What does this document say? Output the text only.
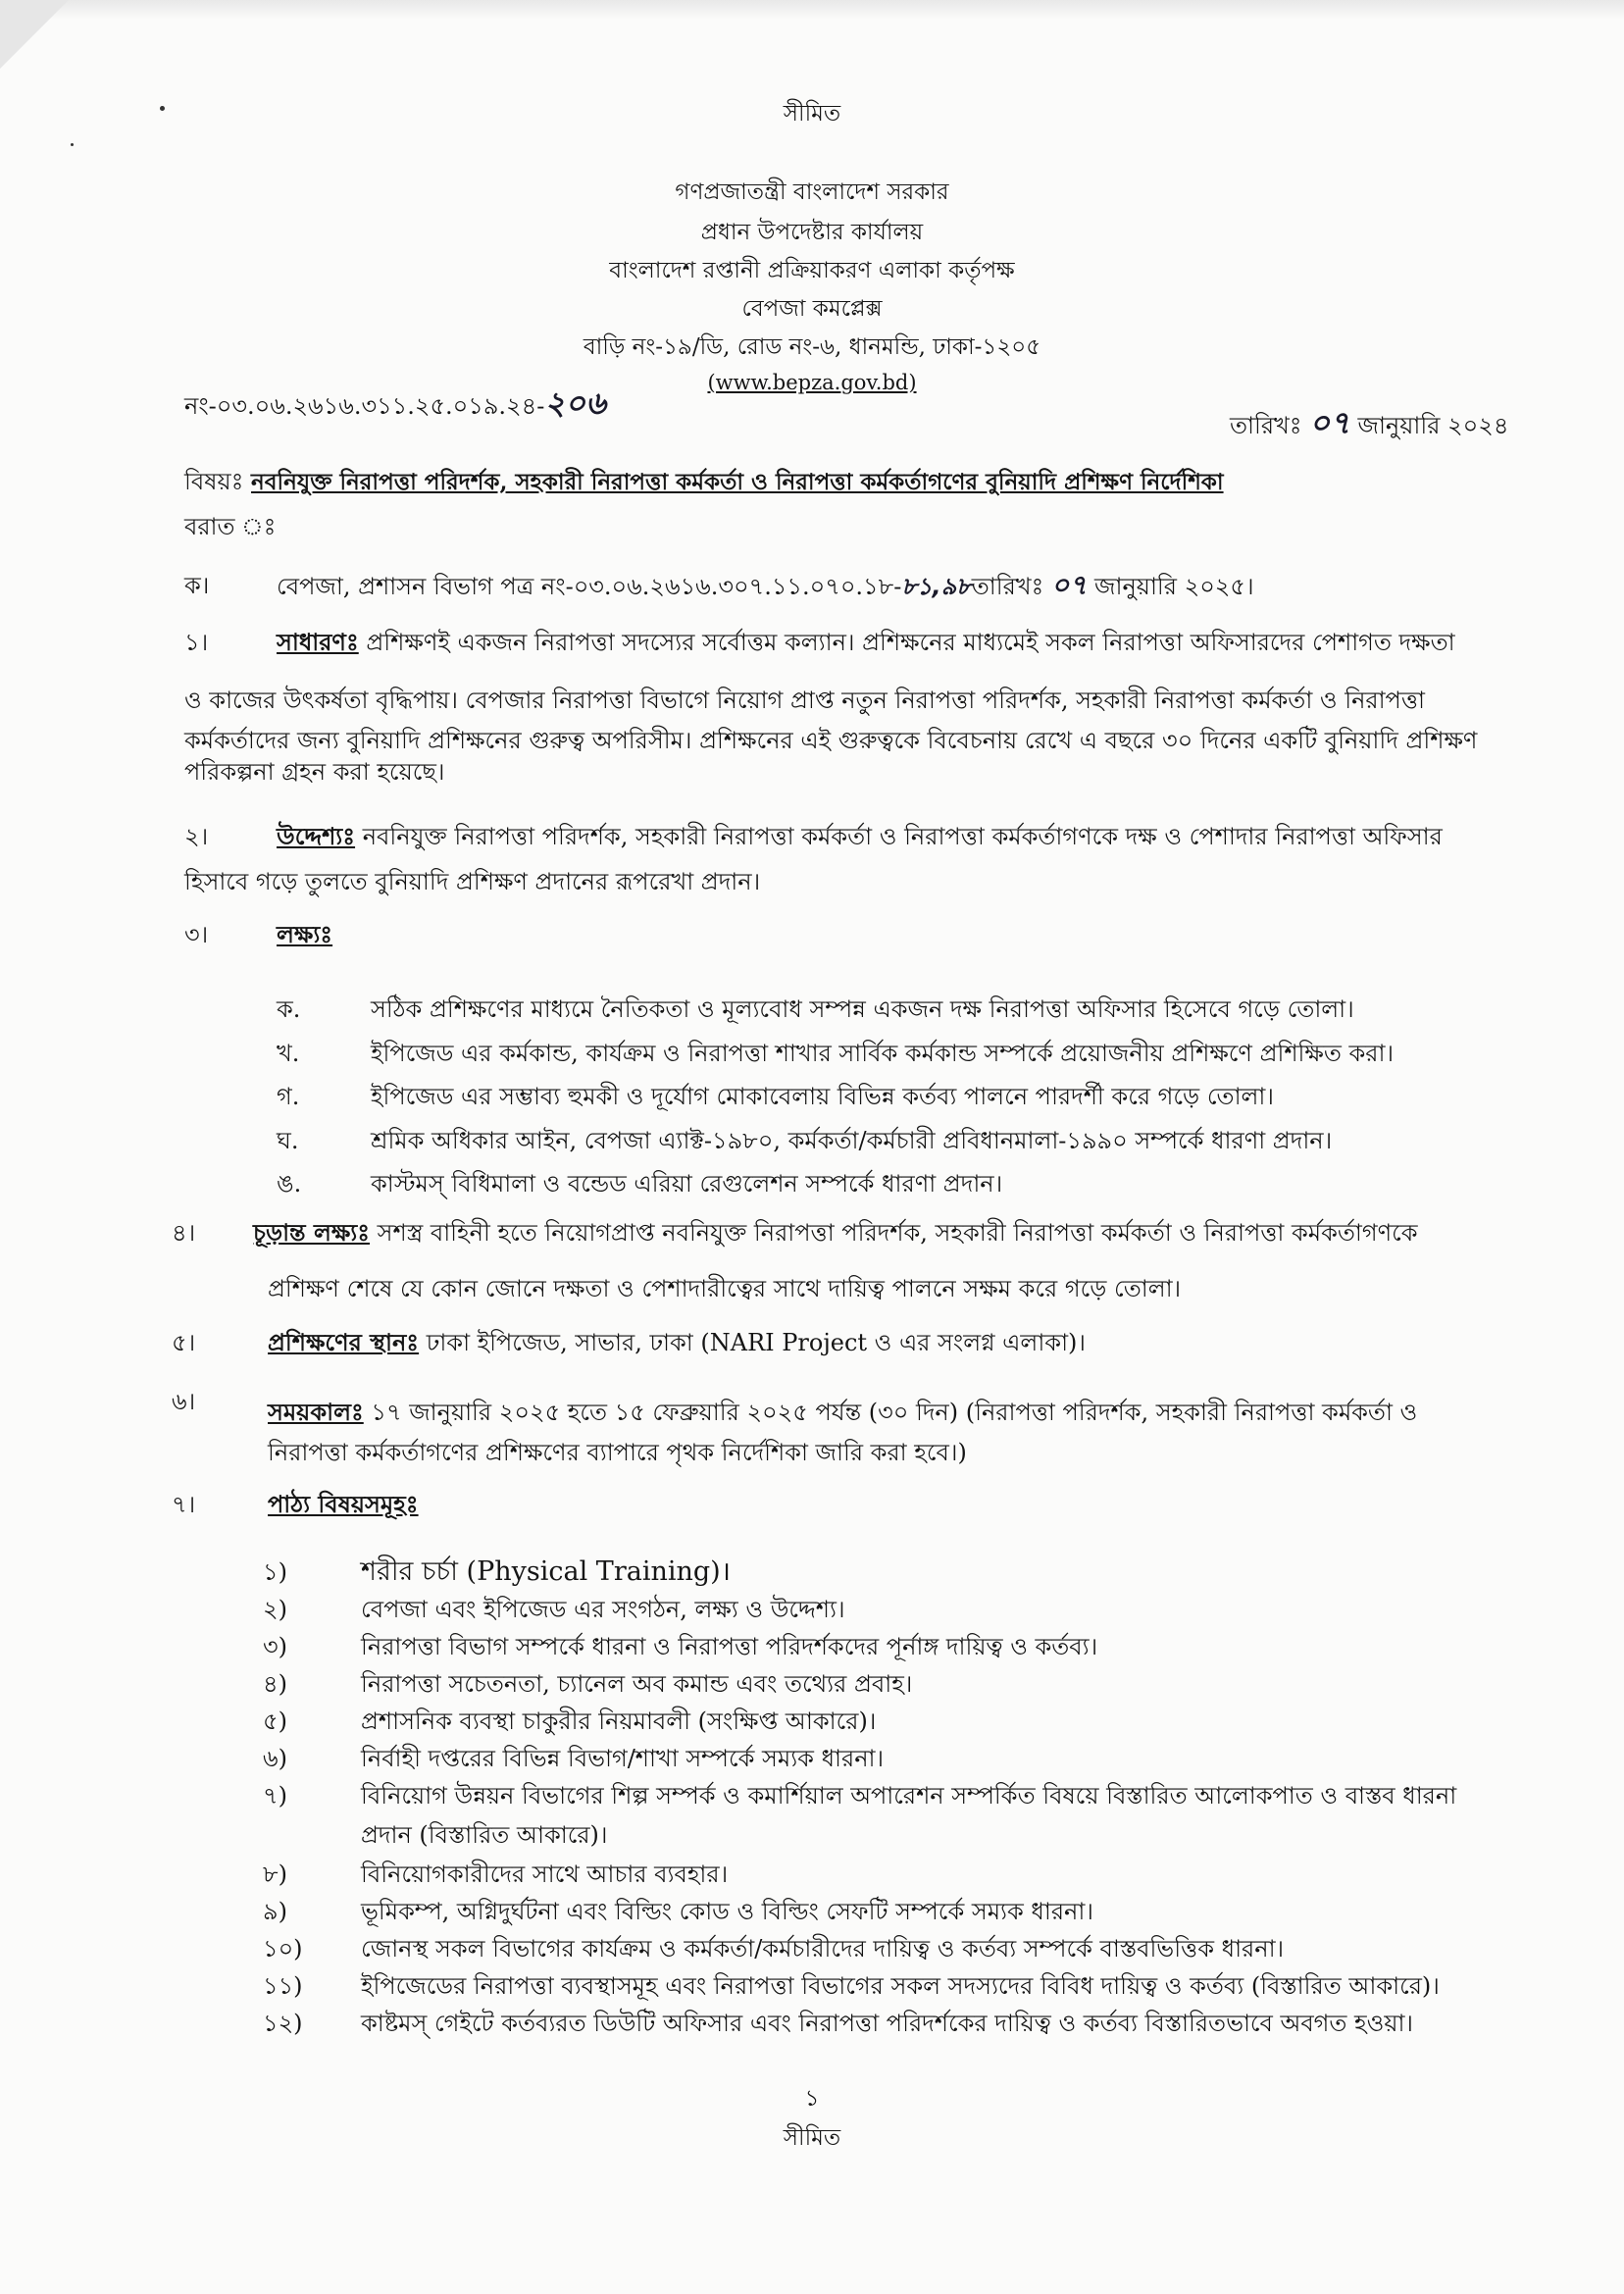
সীমিত
গণপ্রজাতন্ত্রী বাংলাদেশ সরকার
প্রধান উপদেষ্টার কার্যালয়
বাংলাদেশ রপ্তানী প্রক্রিয়াকরণ এলাকা কর্তৃপক্ষ
বেপজা কমপ্লেক্স
বাড়ি নং-১৯/ডি, রোড নং-৬, ধানমন্ডি, ঢাকা-১২০৫
(www.bepza.gov.bd)
নং-০৩.০৬.২৬১৬.৩১১.২৫.০১৯.২৪-২০৬
তারিখঃ ০৭ জানুয়ারি ২০২৪
বিষয়ঃ নবনিযুক্ত নিরাপত্তা পরিদর্শক, সহকারী নিরাপত্তা কর্মকর্তা ও নিরাপত্তা কর্মকর্তাগণের বুনিয়াদি প্রশিক্ষণ নির্দেশিকা
বরাত ঃ
ক।	বেপজা, প্রশাসন বিভাগ পত্র নং-০৩.০৬.২৬১৬.৩০৭.১১.০৭০.১৮-৮১,৯৮তারিখঃ ০৭ জানুয়ারি ২০২৫।
১।	সাধারণঃ প্রশিক্ষণই একজন নিরাপত্তা সদস্যের সর্বোত্তম কল্যান। প্রশিক্ষনের মাধ্যমেই সকল নিরাপত্তা অফিসারদের পেশাগত দক্ষতা
ও কাজের উৎকর্ষতা বৃদ্ধিপায়। বেপজার নিরাপত্তা বিভাগে নিয়োগ প্রাপ্ত নতুন নিরাপত্তা পরিদর্শক, সহকারী নিরাপত্তা কর্মকর্তা ও নিরাপত্তা
কর্মকর্তাদের জন্য বুনিয়াদি প্রশিক্ষনের গুরুত্ব অপরিসীম। প্রশিক্ষনের এই গুরুত্বকে বিবেচনায় রেখে এ বছরে ৩০ দিনের একটি বুনিয়াদি প্রশিক্ষণ
পরিকল্পনা গ্রহন করা হয়েছে।
২।	উদ্দেশ্যঃ নবনিযুক্ত নিরাপত্তা পরিদর্শক, সহকারী নিরাপত্তা কর্মকর্তা ও নিরাপত্তা কর্মকর্তাগণকে দক্ষ ও পেশাদার নিরাপত্তা অফিসার
হিসাবে গড়ে তুলতে বুনিয়াদি প্রশিক্ষণ প্রদানের রূপরেখা প্রদান।
৩।	লক্ষ্যঃ
ক.	সঠিক প্রশিক্ষণের মাধ্যমে নৈতিকতা ও মূল্যবোধ সম্পন্ন একজন দক্ষ নিরাপত্তা অফিসার হিসেবে গড়ে তোলা।
খ.	ইপিজেড এর কর্মকান্ড, কার্যক্রম ও নিরাপত্তা শাখার সার্বিক কর্মকান্ড সম্পর্কে প্রয়োজনীয় প্রশিক্ষণে প্রশিক্ষিত করা।
গ.	ইপিজেড এর সম্ভাব্য হুমকী ও দূর্যোগ মোকাবেলায় বিভিন্ন কর্তব্য পালনে পারদর্শী করে গড়ে তোলা।
ঘ.	শ্রমিক অধিকার আইন, বেপজা এ্যাক্ট-১৯৮০, কর্মকর্তা/কর্মচারী প্রবিধানমালা-১৯৯০ সম্পর্কে ধারণা প্রদান।
ঙ.	কাস্টমস্ বিধিমালা ও বন্ডেড এরিয়া রেগুলেশন সম্পর্কে ধারণা প্রদান।
৪। চূড়ান্ত লক্ষ্যঃ সশস্ত্র বাহিনী হতে নিয়োগপ্রাপ্ত নবনিযুক্ত নিরাপত্তা পরিদর্শক, সহকারী নিরাপত্তা কর্মকর্তা ও নিরাপত্তা কর্মকর্তাগণকে
প্রশিক্ষণ শেষে যে কোন জোনে দক্ষতা ও পেশাদারীত্বের সাথে দায়িত্ব পালনে সক্ষম করে গড়ে তোলা।
৫।	প্রশিক্ষণের স্থানঃ ঢাকা ইপিজেড, সাভার, ঢাকা (NARI Project ও এর সংলগ্ন এলাকা)।
৬।	সময়কালঃ ১৭ জানুয়ারি ২০২৫ হতে ১৫ ফেব্রুয়ারি ২০২৫ পর্যন্ত (৩০ দিন) (নিরাপত্তা পরিদর্শক, সহকারী নিরাপত্তা কর্মকর্তা ও
নিরাপত্তা কর্মকর্তাগণের প্রশিক্ষণের ব্যাপারে পৃথক নির্দেশিকা জারি করা হবে।)
৭।	পাঠ্য বিষয়সমূহঃ
১)	শরীর চর্চা (Physical Training)।
২)	বেপজা এবং ইপিজেড এর সংগঠন, লক্ষ্য ও উদ্দেশ্য।
৩)	নিরাপত্তা বিভাগ সম্পর্কে ধারনা ও নিরাপত্তা পরিদর্শকদের পূর্নাঙ্গ দায়িত্ব ও কর্তব্য।
৪)	নিরাপত্তা সচেতনতা, চ্যানেল অব কমান্ড এবং তথ্যের প্রবাহ।
৫)	প্রশাসনিক ব্যবস্থা চাকুরীর নিয়মাবলী (সংক্ষিপ্ত আকারে)।
৬)	নির্বাহী দপ্তরের বিভিন্ন বিভাগ/শাখা সম্পর্কে সম্যক ধারনা।
৭)	বিনিয়োগ উন্নয়ন বিভাগের শিল্প সম্পর্ক ও কমার্শিয়াল অপারেশন সম্পর্কিত বিষয়ে বিস্তারিত আলোকপাত ও বাস্তব ধারনা
প্রদান (বিস্তারিত আকারে)।
৮)	বিনিয়োগকারীদের সাথে আচার ব্যবহার।
৯)	ভূমিকম্প, অগ্নিদুর্ঘটনা এবং বিল্ডিং কোড ও বিল্ডিং সেফটি সম্পর্কে সম্যক ধারনা।
১০) জোনস্থ সকল বিভাগের কার্যক্রম ও কর্মকর্তা/কর্মচারীদের দায়িত্ব ও কর্তব্য সম্পর্কে বাস্তবভিত্তিক ধারনা।
১১) ইপিজেডের নিরাপত্তা ব্যবস্থাসমূহ এবং নিরাপত্তা বিভাগের সকল সদস্যদের বিবিধ দায়িত্ব ও কর্তব্য (বিস্তারিত আকারে)।
১২) কাষ্টমস্ গেইটে কর্তব্যরত ডিউটি অফিসার এবং নিরাপত্তা পরিদর্শকের দায়িত্ব ও কর্তব্য বিস্তারিতভাবে অবগত হওয়া।
১
সীমিত
